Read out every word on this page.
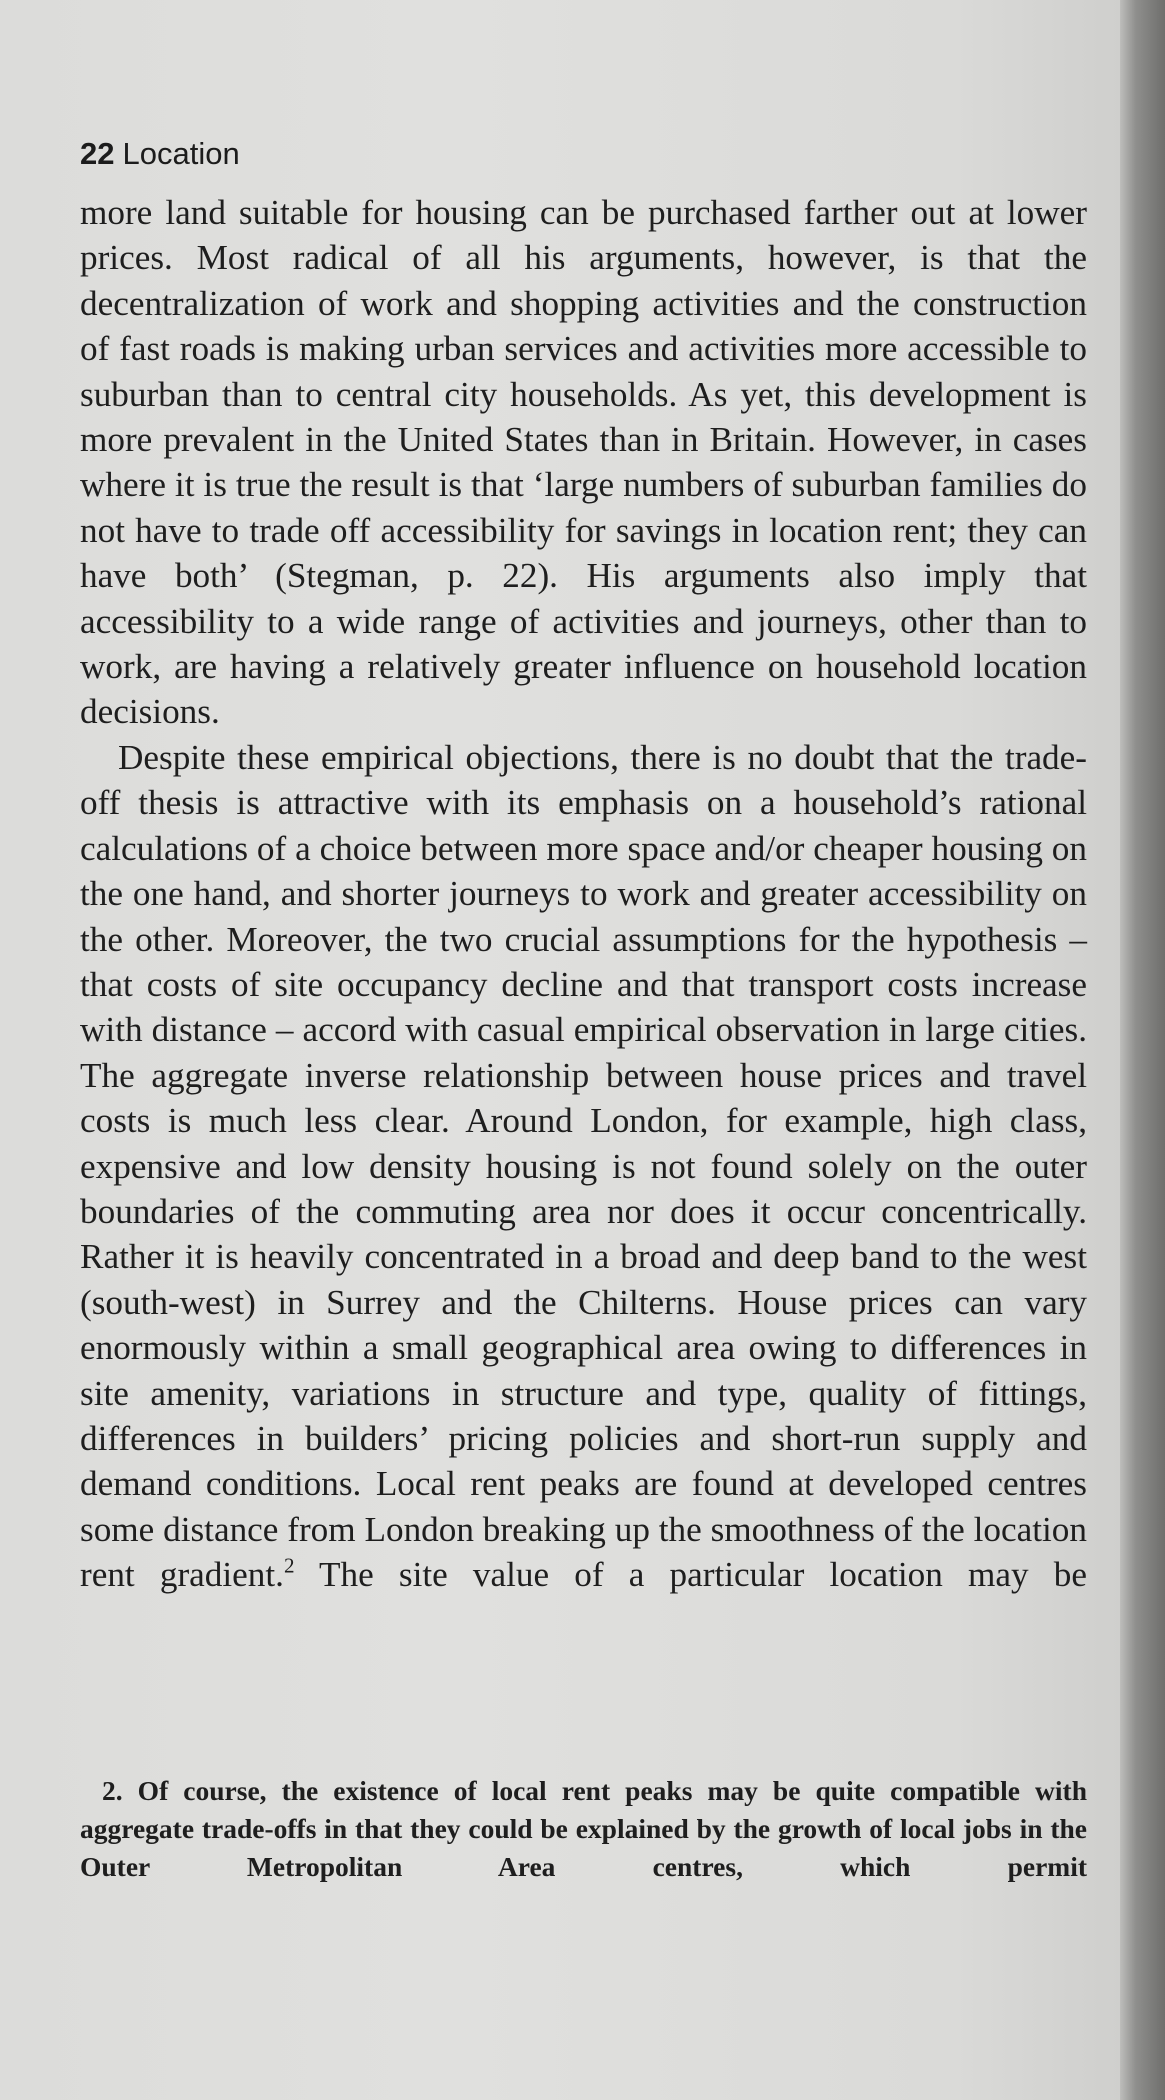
22 Location

more land suitable for housing can be purchased farther out at lower prices. Most radical of all his arguments, however, is that the decentralization of work and shopping activities and the construction of fast roads is making urban services and activities more accessible to suburban than to central city households. As yet, this development is more prevalent in the United States than in Britain. However, in cases where it is true the result is that ‘large numbers of suburban families do not have to trade off accessibility for savings in location rent; they can have both’ (Stegman, p. 22). His arguments also imply that accessibility to a wide range of activities and journeys, other than to work, are having a relatively greater influence on household location decisions.

Despite these empirical objections, there is no doubt that the trade-off thesis is attractive with its emphasis on a household’s rational calculations of a choice between more space and/or cheaper housing on the one hand, and shorter journeys to work and greater accessibility on the other. Moreover, the two crucial assumptions for the hypothesis – that costs of site occupancy decline and that transport costs increase with distance – accord with casual empirical observation in large cities. The aggregate inverse relationship between house prices and travel costs is much less clear. Around London, for example, high class, expensive and low density housing is not found solely on the outer boundaries of the commuting area nor does it occur concentrically. Rather it is heavily concentrated in a broad and deep band to the west (south-west) in Surrey and the Chilterns. House prices can vary enormously within a small geographical area owing to differences in site amenity, variations in structure and type, quality of fittings, differences in builders’ pricing policies and short-run supply and demand conditions. Local rent peaks are found at developed centres some distance from London breaking up the smoothness of the location rent gradient.$^2$ The site value of a particular location may be

2. Of course, the existence of local rent peaks may be quite compatible with aggregate trade-offs in that they could be explained by the growth of local jobs in the Outer Metropolitan Area centres, which permit
